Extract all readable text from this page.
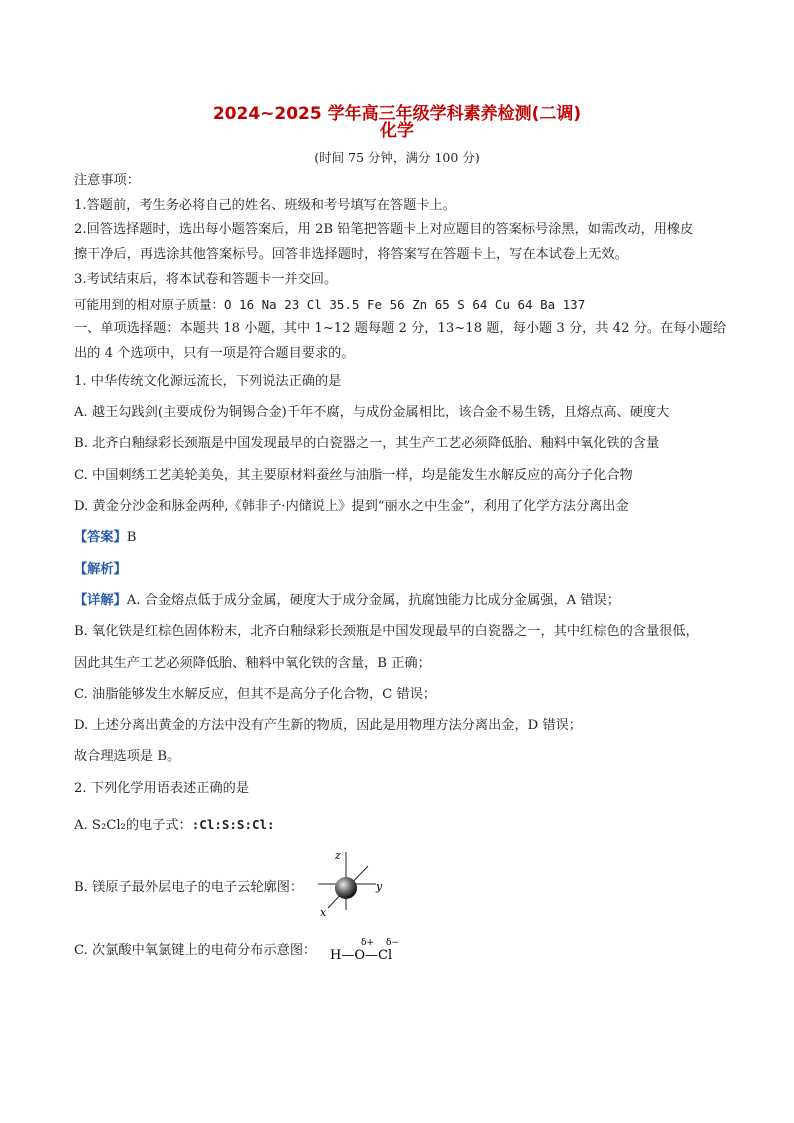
2024~2025 学年高三年级学科素养检测(二调)
化学
(时间 75 分钟，满分 100 分)
注意事项：
1.答题前，考生务必将自己的姓名、班级和考号填写在答题卡上。
2.回答选择题时，选出每小题答案后，用 2B 铅笔把答题卡上对应题目的答案标号涂黑，如需改动，用橡皮
擦干净后，再选涂其他答案标号。回答非选择题时，将答案写在答题卡上，写在本试卷上无效。
3.考试结束后，将本试卷和答题卡一并交回。
可能用到的相对原子质量：O 16 Na 23 Cl 35.5 Fe 56 Zn 65 S 64 Cu 64 Ba 137
一、单项选择题：本题共 18 小题，其中 1~12 题每题 2 分，13~18 题，每小题 3 分，共 42 分。在每小题给
出的 4 个选项中，只有一项是符合题目要求的。
1. 中华传统文化源远流长，下列说法正确的是
A. 越王勾践剑(主要成份为铜锡合金)千年不腐，与成份金属相比，该合金不易生锈，且熔点高、硬度大
B. 北齐白釉绿彩长颈瓶是中国发现最早的白瓷器之一，其生产工艺必须降低胎、釉料中氧化铁的含量
C. 中国刺绣工艺美轮美奂，其主要原材料蚕丝与油脂一样，均是能发生水解反应的高分子化合物
D. 黄金分沙金和脉金两种,《韩非子·内储说上》提到“丽水之中生金”，利用了化学方法分离出金
【答案】B
【解析】
【详解】A. 合金熔点低于成分金属，硬度大于成分金属，抗腐蚀能力比成分金属强，A 错误；
B. 氧化铁是红棕色固体粉末，北齐白釉绿彩长颈瓶是中国发现最早的白瓷器之一，其中红棕色的含量很低，
因此其生产工艺必须降低胎、釉料中氧化铁的含量，B 正确；
C. 油脂能够发生水解反应，但其不是高分子化合物，C 错误；
D. 上述分离出黄金的方法中没有产生新的物质，因此是用物理方法分离出金，D 错误；
故合理选项是 B。
2. 下列化学用语表述正确的是
A. S₂Cl₂的电子式：:Cl:S:S:Cl:
B. 镁原子最外层电子的电子云轮廓图：
z
y
x
C. 次氯酸中氧氯键上的电荷分布示意图：	δ+ δ−
H—O—Cl
